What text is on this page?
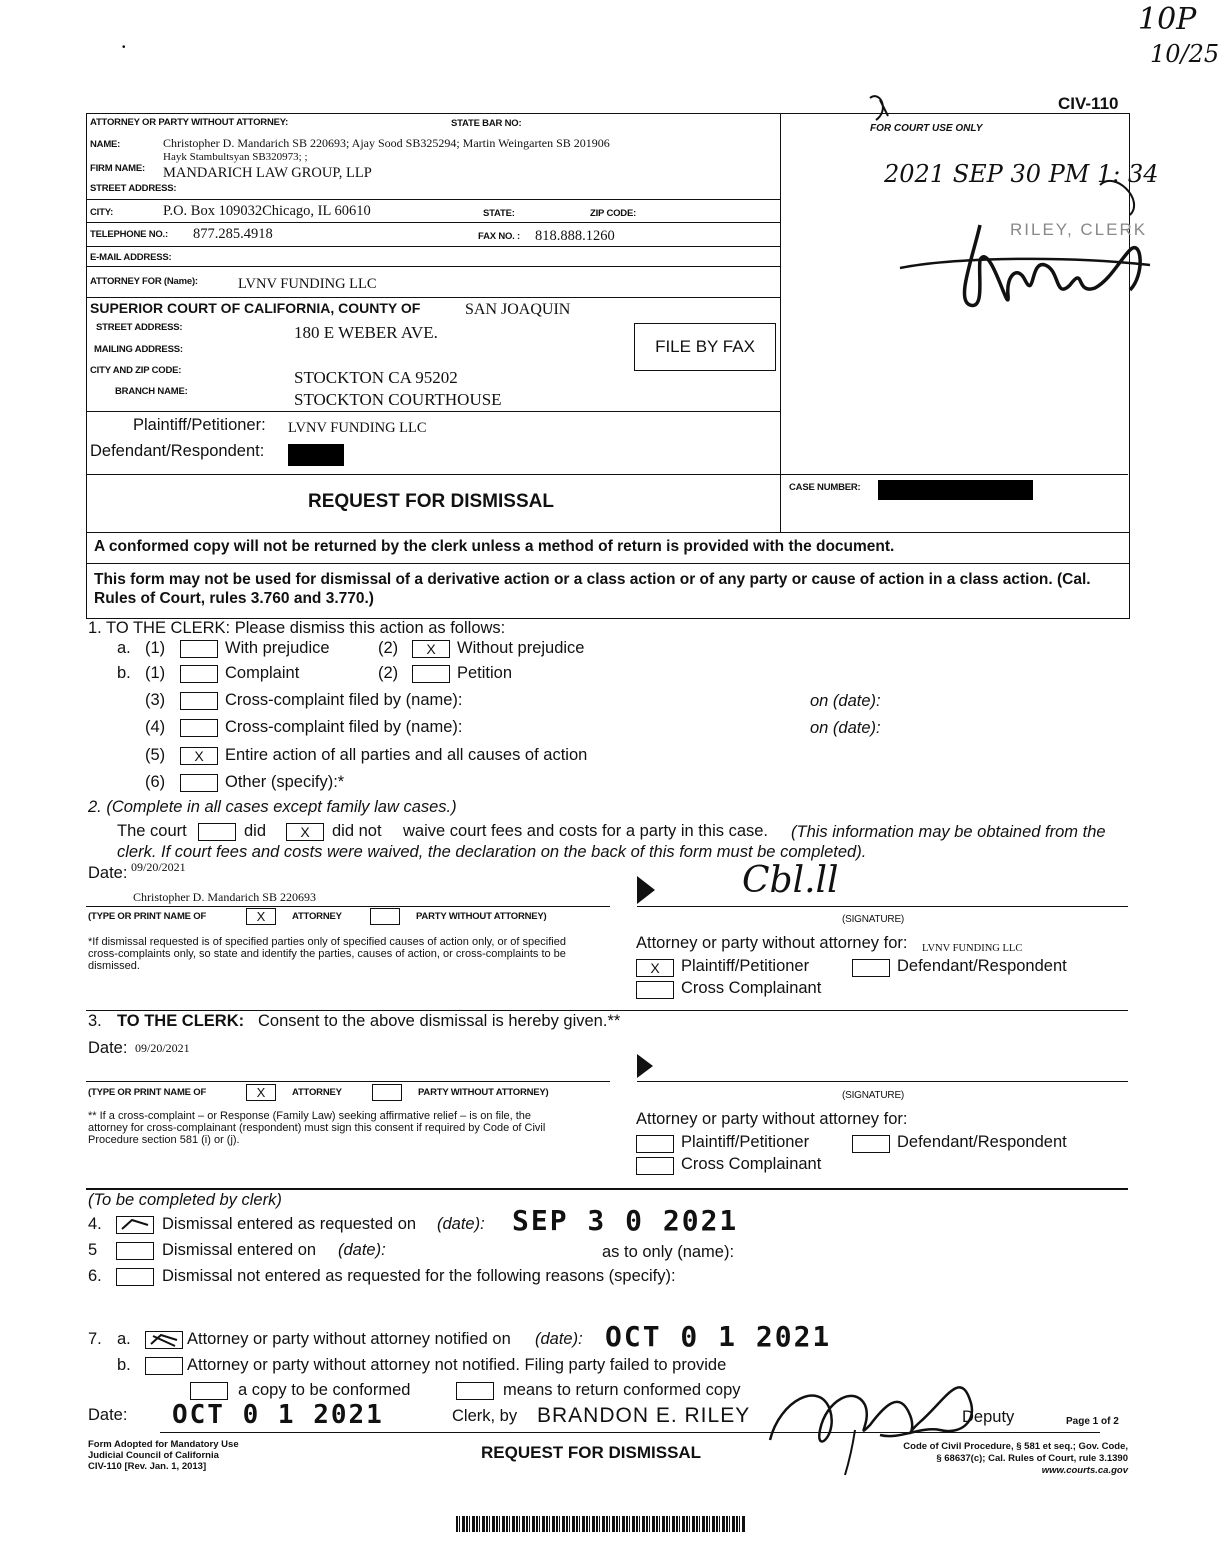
10P
10/25
•
CIV-110
ATTORNEY OR PARTY WITHOUT ATTORNEY:	STATE BAR NO:
NAME:	Christopher D. Mandarich SB 220693; Ajay Sood SB325294; Martin Weingarten SB 201906
Hayk Stambultsyan SB320973; ;
FIRM NAME: MANDARICH LAW GROUP, LLP
STREET ADDRESS:
CITY:	P.O. Box 109032Chicago, IL 60610	STATE:	ZIP CODE:
TELEPHONE NO.: 877.285.4918	FAX NO. : 818.888.1260
E-MAIL ADDRESS:
ATTORNEY FOR (Name):	LVNV FUNDING LLC
SUPERIOR COURT OF CALIFORNIA, COUNTY OF	SAN JOAQUIN
STREET ADDRESS:	180 E WEBER AVE.
MAILING ADDRESS:
CITY AND ZIP CODE:	STOCKTON CA 95202
BRANCH NAME:	STOCKTON COURTHOUSE
FILE BY FAX
Plaintiff/Petitioner: LVNV FUNDING LLC
Defendant/Respondent:
REQUEST FOR DISMISSAL
CASE NUMBER:
FOR COURT USE ONLY
2021 SEP 30 PM 1: 34
RILEY, CLERK
A conformed copy will not be returned by the clerk unless a method of return is provided with the document.
This form may not be used for dismissal of a derivative action or a class action or of any party or cause of action in a class action. (Cal. Rules of Court, rules 3.760 and 3.770.)
1. TO THE CLERK: Please dismiss this action as follows:
a. (1)	With prejudice	(2)	X	Without prejudice
b. (1)	Complaint	(2)	Petition
(3)	Cross-complaint filed by (name):	on (date):
(4)	Cross-complaint filed by (name):	on (date):
(5)	X	Entire action of all parties and all causes of action
(6)	Other (specify):*
2. (Complete in all cases except family law cases.)
The court	did	X	did not waive court fees and costs for a party in this case.	(This information may be obtained from the clerk. If court fees and costs were waived, the declaration on the back of this form must be completed).
Date: 09/20/2021
Christopher D. Mandarich SB 220693
(TYPE OR PRINT NAME OF	X	ATTORNEY	PARTY WITHOUT ATTORNEY)
Cbl.ll
(SIGNATURE)
*If dismissal requested is of specified parties only of specified causes of action only, or of specified cross-complaints only, so state and identify the parties, causes of action, or cross-complaints to be dismissed.
Attorney or party without attorney for: LVNV FUNDING LLC
X	Plaintiff/Petitioner	Defendant/Respondent
Cross Complainant
3. TO THE CLERK: Consent to the above dismissal is hereby given.**
Date: 09/20/2021
(TYPE OR PRINT NAME OF	X	ATTORNEY	PARTY WITHOUT ATTORNEY)	(SIGNATURE)
** If a cross-complaint – or Response (Family Law) seeking affirmative relief – is on file, the attorney for cross-complainant (respondent) must sign this consent if required by Code of Civil Procedure section 581 (i) or (j).
Attorney or party without attorney for:
Plaintiff/Petitioner	Defendant/Respondent
Cross Complainant
(To be completed by clerk)
4.	Dismissal entered as requested on (date): SEP 3 0 2021
5	Dismissal entered on (date):	as to only (name):
6.	Dismissal not entered as requested for the following reasons (specify):
7. a.	Attorney or party without attorney notified on (date): OCT 0 1 2021
b.	Attorney or party without attorney not notified. Filing party failed to provide
a copy to be conformed	means to return conformed copy
Date: OCT 0 1 2021	Clerk, by BRANDON E. RILEY	Deputy	Page 1 of 2
Form Adopted for Mandatory Use
Judicial Council of California
CIV-110 [Rev. Jan. 1, 2013]
REQUEST FOR DISMISSAL	Code of Civil Procedure, § 581 et seq.; Gov. Code,
§ 68637(c); Cal. Rules of Court, rule 3.1390
www.courts.ca.gov
